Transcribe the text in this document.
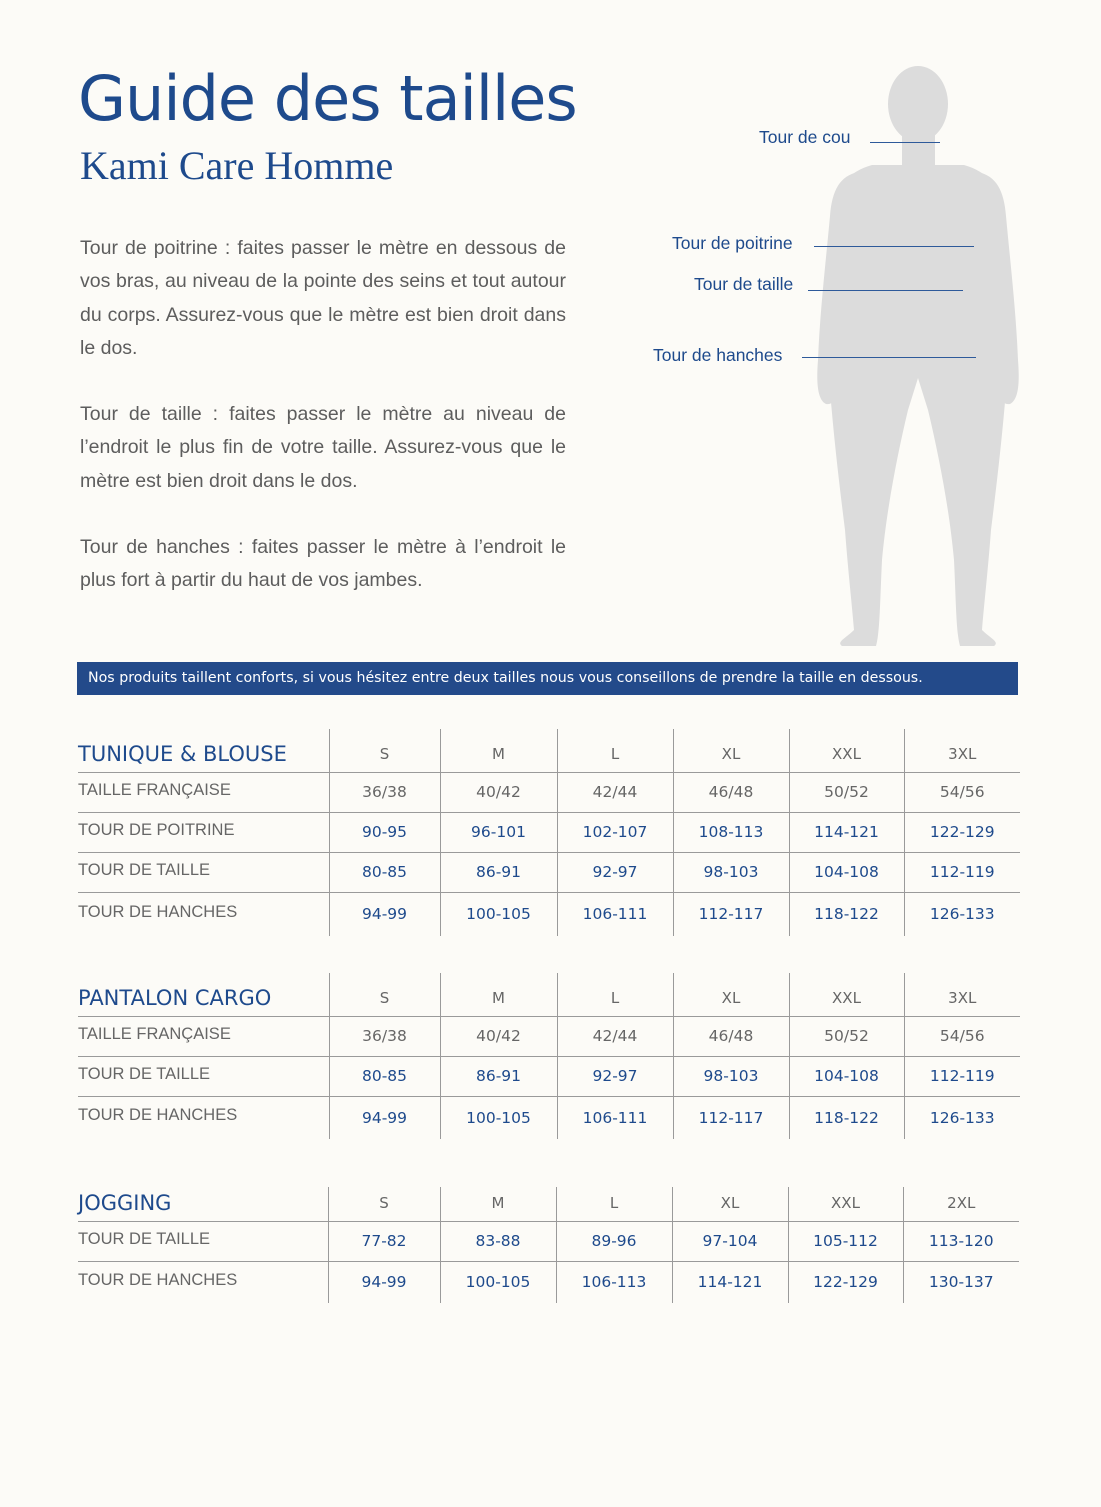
Guide des tailles
Kami Care Homme

Tour de poitrine : faites passer le mètre en dessous de vos bras, au niveau de la pointe des seins et tout autour du corps. Assurez-vous que le mètre est bien droit dans le dos.

Tour de taille : faites passer le mètre au niveau de l’endroit le plus fin de votre taille. Assurez-vous que le mètre est bien droit dans le dos.

Tour de hanches : faites passer le mètre à l’endroit le plus fort à partir du haut de vos jambes.

Tour de cou
Tour de poitrine
Tour de taille
Tour de hanches
Nos produits taillent conforts, si vous hésitez entre deux tailles nous vous conseillons de prendre la taille en dessous.
TUNIQUE & BLOUSE	S	M	L	XL	XXL	3XL
TAILLE FRANÇAISE	36/38	40/42	42/44	46/48	50/52	54/56
TOUR DE POITRINE	90-95	96-101	102-107	108-113	114-121	122-129
TOUR DE TAILLE	80-85	86-91	92-97	98-103	104-108	112-119
TOUR DE HANCHES	94-99	100-105	106-111	112-117	118-122	126-133
PANTALON CARGO	S	M	L	XL	XXL	3XL
TAILLE FRANÇAISE	36/38	40/42	42/44	46/48	50/52	54/56
TOUR DE TAILLE	80-85	86-91	92-97	98-103	104-108	112-119
TOUR DE HANCHES	94-99	100-105	106-111	112-117	118-122	126-133
JOGGING	S	M	L	XL	XXL	2XL
TOUR DE TAILLE	77-82	83-88	89-96	97-104	105-112	113-120
TOUR DE HANCHES	94-99	100-105	106-113	114-121	122-129	130-137
